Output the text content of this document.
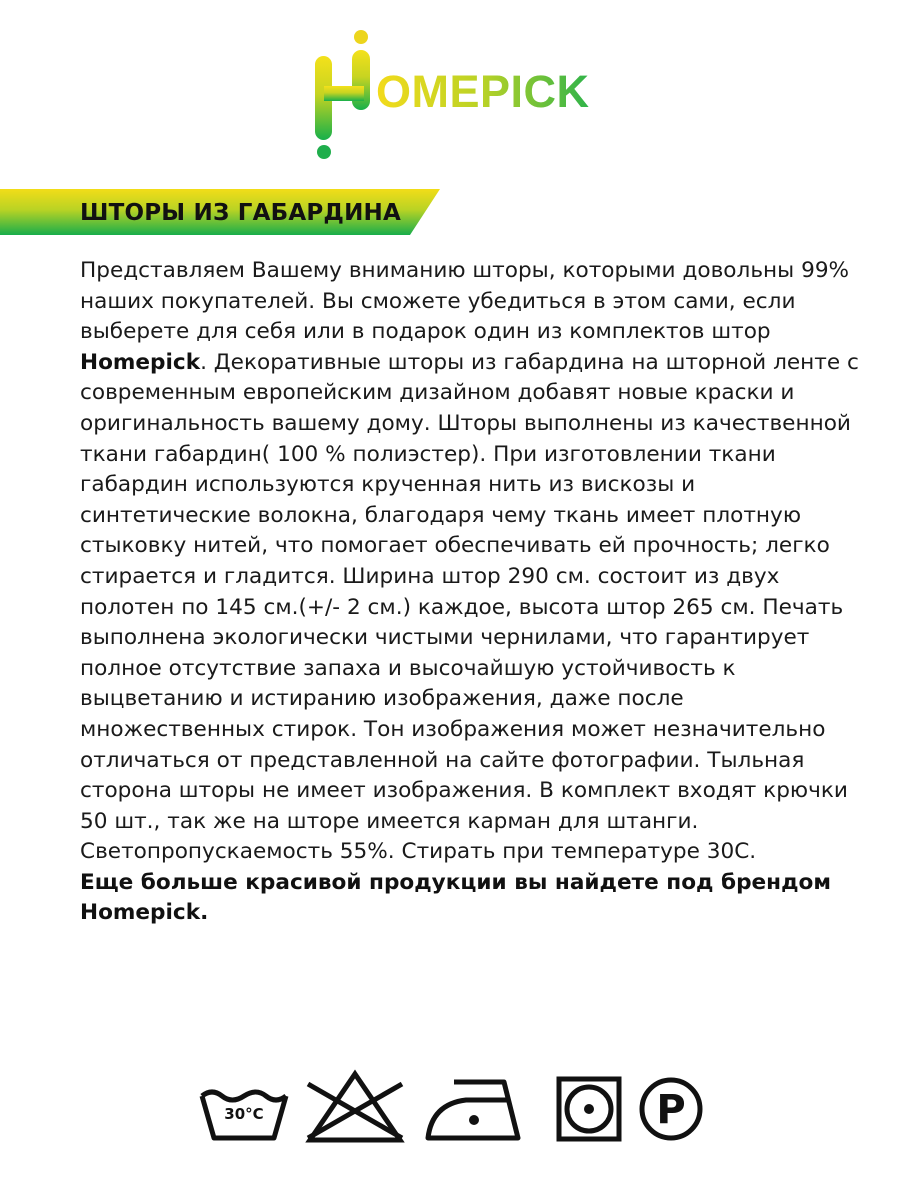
OMEPICK
ШТОРЫ ИЗ ГАБАРДИНА

Представляем Вашему вниманию шторы, которыми довольны 99% наших покупателей. Вы сможете убедиться в этом сами, если выберете для себя или в подарок один из комплектов штор Homepick. Декоративные шторы из габардина на шторной ленте с современным европейским дизайном добавят новые краски и оригинальность вашему дому. Шторы выполнены из качественной ткани габардин( 100 % полиэстер). При изготовлении ткани габардин используются крученная нить из вискозы и синтетические волокна, благодаря чему ткань имеет плотную стыковку нитей, что помогает обеспечивать ей прочность; легко стирается и гладится. Ширина штор 290 см. состоит из двух полотен по 145 см.(+/- 2 см.) каждое, высота штор 265 см. Печать выполнена экологически чистыми чернилами, что гарантирует полное отсутствие запаха и высочайшую устойчивость к выцветанию и истиранию изображения, даже после множественных стирок. Тон изображения может незначительно отличаться от представленной на сайте фотографии. Тыльная сторона шторы не имеет изображения. В комплект входят крючки 50 шт., так же на шторе имеется карман для штанги. Светопропускаемость 55%. Стирать при температуре 30С.

Еще больше красивой продукции вы найдете под брендом Homepick.

30°C	P
